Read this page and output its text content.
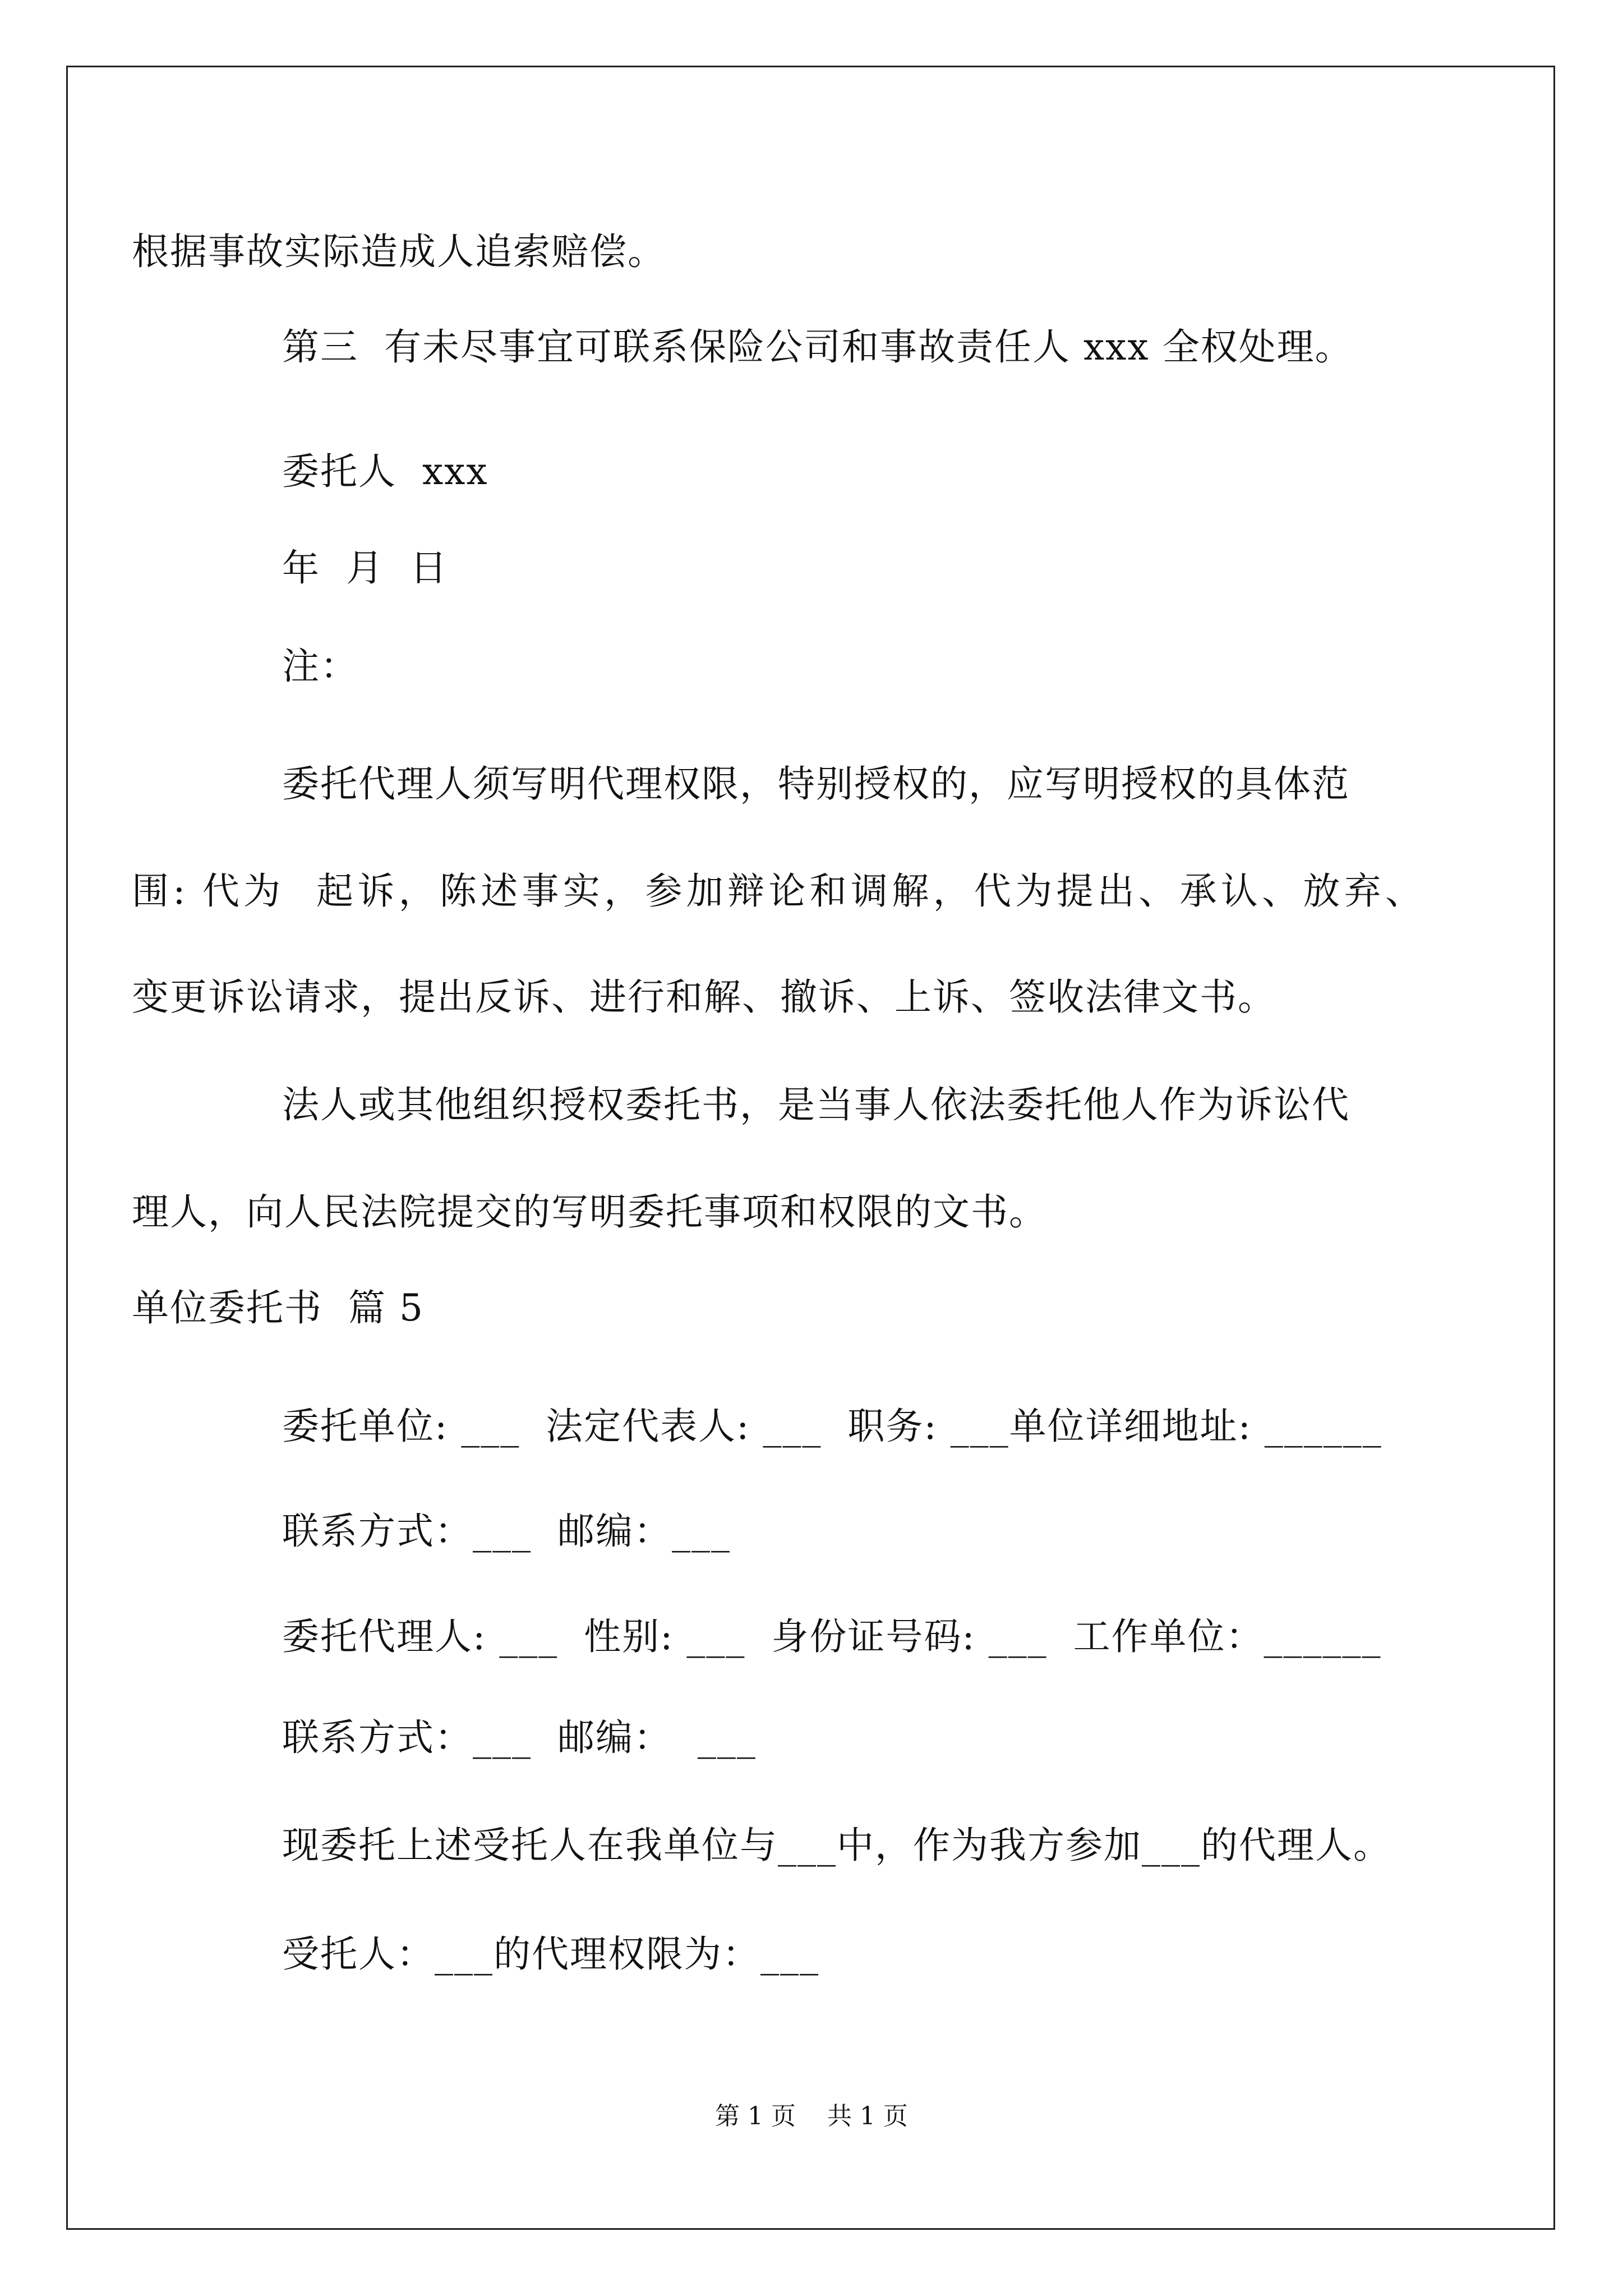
根据事故实际造成人追索赔偿。
第三  有未尽事宜可联系保险公司和事故责任人 xxx 全权处理。
委托人  xxx
年  月  日
注：
委托代理人须写明代理权限，特别授权的，应写明授权的具体范
围: 代为  起诉，陈述事实，参加辩论和调解，代为提出、承认、放弃、
变更诉讼请求，提出反诉、进行和解、撤诉、上诉、签收法律文书。
法人或其他组织授权委托书，是当事人依法委托他人作为诉讼代
理人，向人民法院提交的写明委托事项和权限的文书。
单位委托书  篇 5
委托单位: ___  法定代表人: ___  职务: ___单位详细地址: ______
联系方式：___  邮编：___
委托代理人: ___  性别: ___  身份证号码: ___  工作单位：______
联系方式：___  邮编：  ___
现委托上述受托人在我单位与___中，作为我方参加___的代理人。
受托人：___的代理权限为：___
第 1 页    共 1 页
